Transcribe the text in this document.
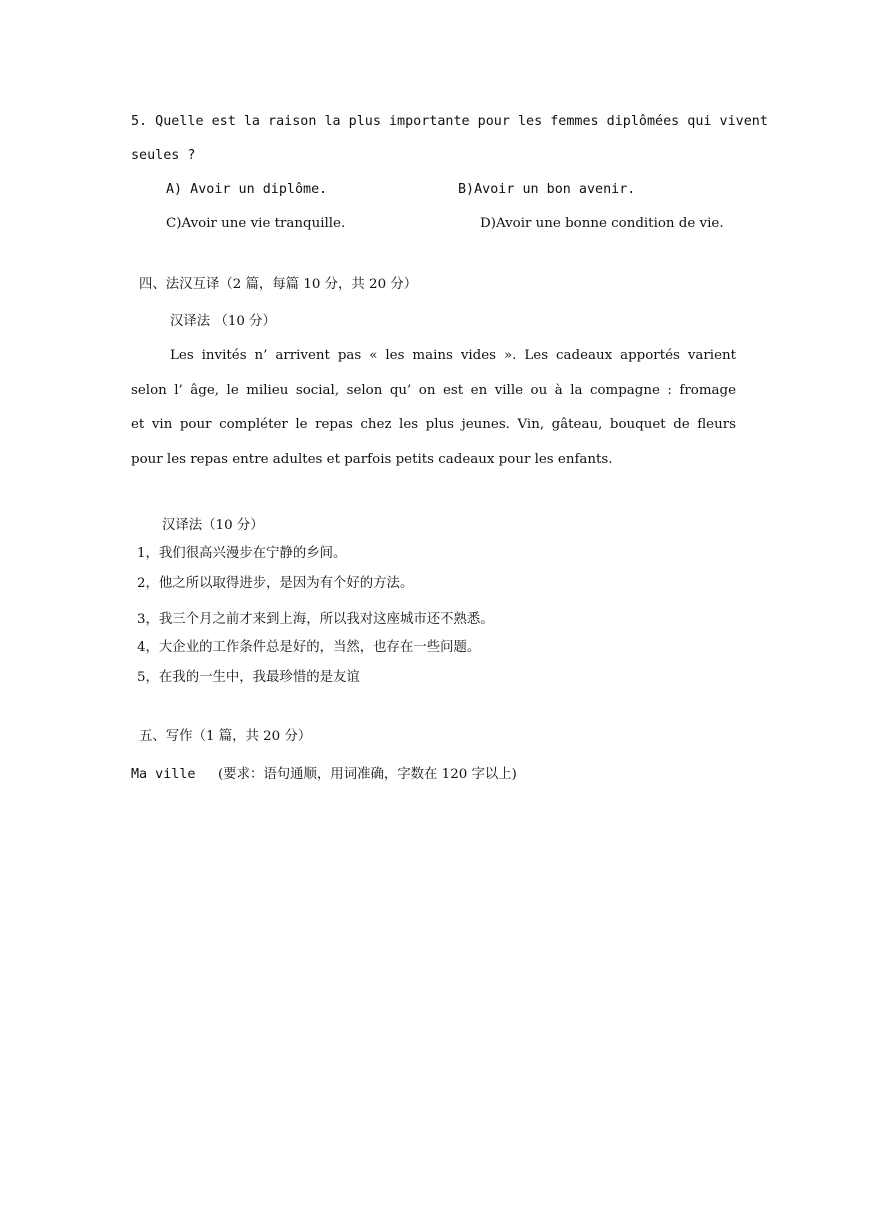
5. Quelle est la raison la plus importante pour les femmes diplômées qui vivent
seules ?
A) Avoir un diplôme.	B)Avoir un bon avenir.
C)Avoir une vie tranquille.	D)Avoir une bonne condition de vie.
四、法汉互译（2 篇，每篇 10 分，共 20 分）
汉译法 （10 分）
Les invités n’ arrivent pas « les mains vides ». Les cadeaux apportés varient
selon l’ âge, le milieu social, selon qu’ on est en ville ou à la compagne : fromage
et vin pour compléter le repas chez les plus jeunes. Vin, gâteau, bouquet de fleurs
pour les repas entre adultes et parfois petits cadeaux pour les enfants.
汉译法（10 分）
1，我们很高兴漫步在宁静的乡间。
2，他之所以取得进步，是因为有个好的方法。
3，我三个月之前才来到上海，所以我对这座城市还不熟悉。
4，大企业的工作条件总是好的，当然，也存在一些问题。
5，在我的一生中，我最珍惜的是友谊
五、写作（1 篇，共 20 分）
Ma ville (要求：语句通顺，用词准确，字数在 120 字以上)
